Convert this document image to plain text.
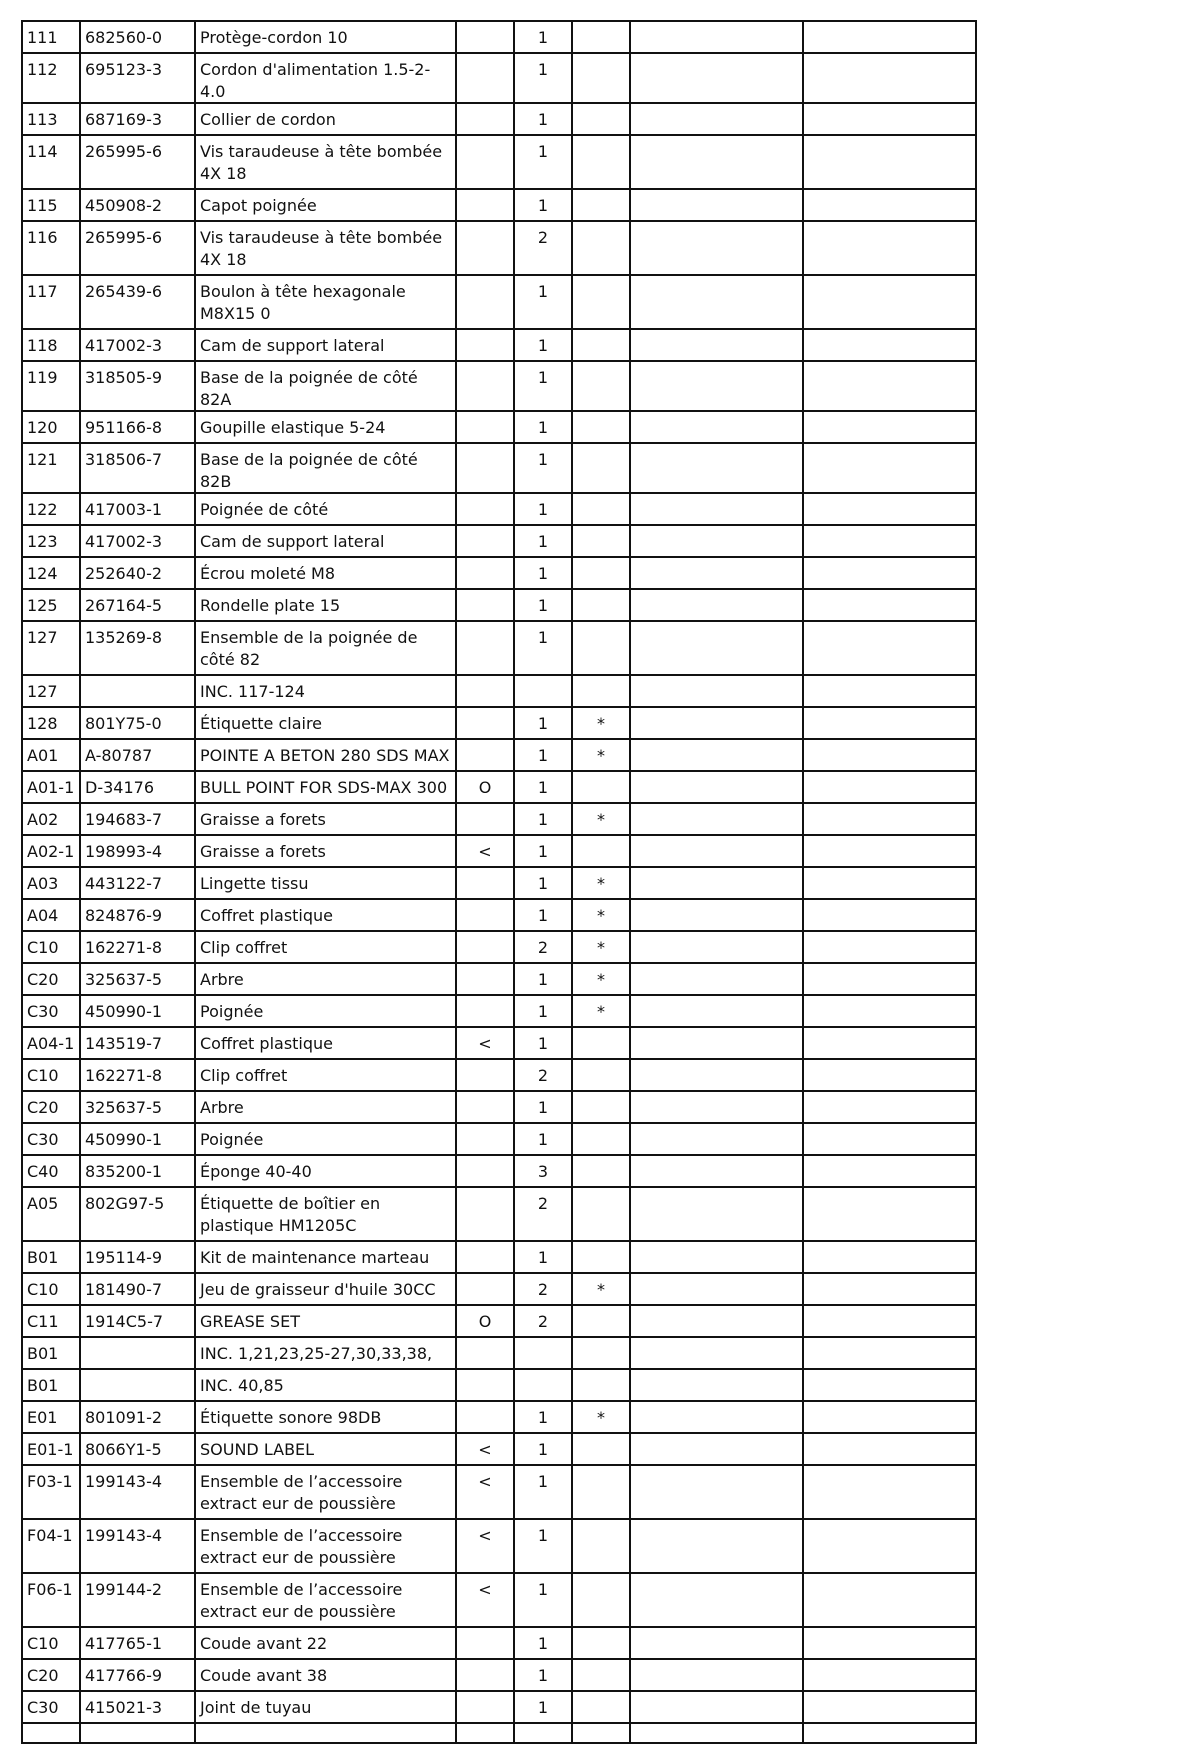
111	682560-0	Protège-cordon 10		1			
112	695123-3	Cordon d'alimentation 1.5-2-4.0		1			
113	687169-3	Collier de cordon		1			
114	265995-6	Vis taraudeuse à tête bombée 4X 18		1			
115	450908-2	Capot poignée		1			
116	265995-6	Vis taraudeuse à tête bombée 4X 18		2			
117	265439-6	Boulon à tête hexagonale M8X15 0		1			
118	417002-3	Cam de support lateral		1			
119	318505-9	Base de la poignée de côté 82A		1			
120	951166-8	Goupille elastique 5-24		1			
121	318506-7	Base de la poignée de côté 82B		1			
122	417003-1	Poignée de côté		1			
123	417002-3	Cam de support lateral		1			
124	252640-2	Écrou moleté M8		1			
125	267164-5	Rondelle plate 15		1			
127	135269-8	Ensemble de la poignée de côté 82		1			
127		INC. 117-124					
128	801Y75-0	Étiquette claire		1	*		
A01	A-80787	POINTE A BETON 280 SDS MAX		1	*		
A01-1	D-34176	BULL POINT FOR SDS-MAX 300	O	1			
A02	194683-7	Graisse a forets		1	*		
A02-1	198993-4	Graisse a forets	<	1			
A03	443122-7	Lingette tissu		1	*		
A04	824876-9	Coffret plastique		1	*		
C10	162271-8	Clip coffret		2	*		
C20	325637-5	Arbre		1	*		
C30	450990-1	Poignée		1	*		
A04-1	143519-7	Coffret plastique	<	1			
C10	162271-8	Clip coffret		2			
C20	325637-5	Arbre		1			
C30	450990-1	Poignée		1			
C40	835200-1	Éponge 40-40		3			
A05	802G97-5	Étiquette de boîtier en plastique HM1205C		2			
B01	195114-9	Kit de maintenance marteau		1			
C10	181490-7	Jeu de graisseur d'huile 30CC		2	*		
C11	1914C5-7	GREASE SET	O	2			
B01		INC. 1,21,23,25-27,30,33,38,					
B01		INC. 40,85					
E01	801091-2	Étiquette sonore 98DB		1	*		
E01-1	8066Y1-5	SOUND LABEL	<	1			
F03-1	199143-4	Ensemble de l’accessoire extract eur de poussière	<	1			
F04-1	199143-4	Ensemble de l’accessoire extract eur de poussière	<	1			
F06-1	199144-2	Ensemble de l’accessoire extract eur de poussière	<	1			
C10	417765-1	Coude avant 22		1			
C20	417766-9	Coude avant 38		1			
C30	415021-3	Joint de tuyau		1			
